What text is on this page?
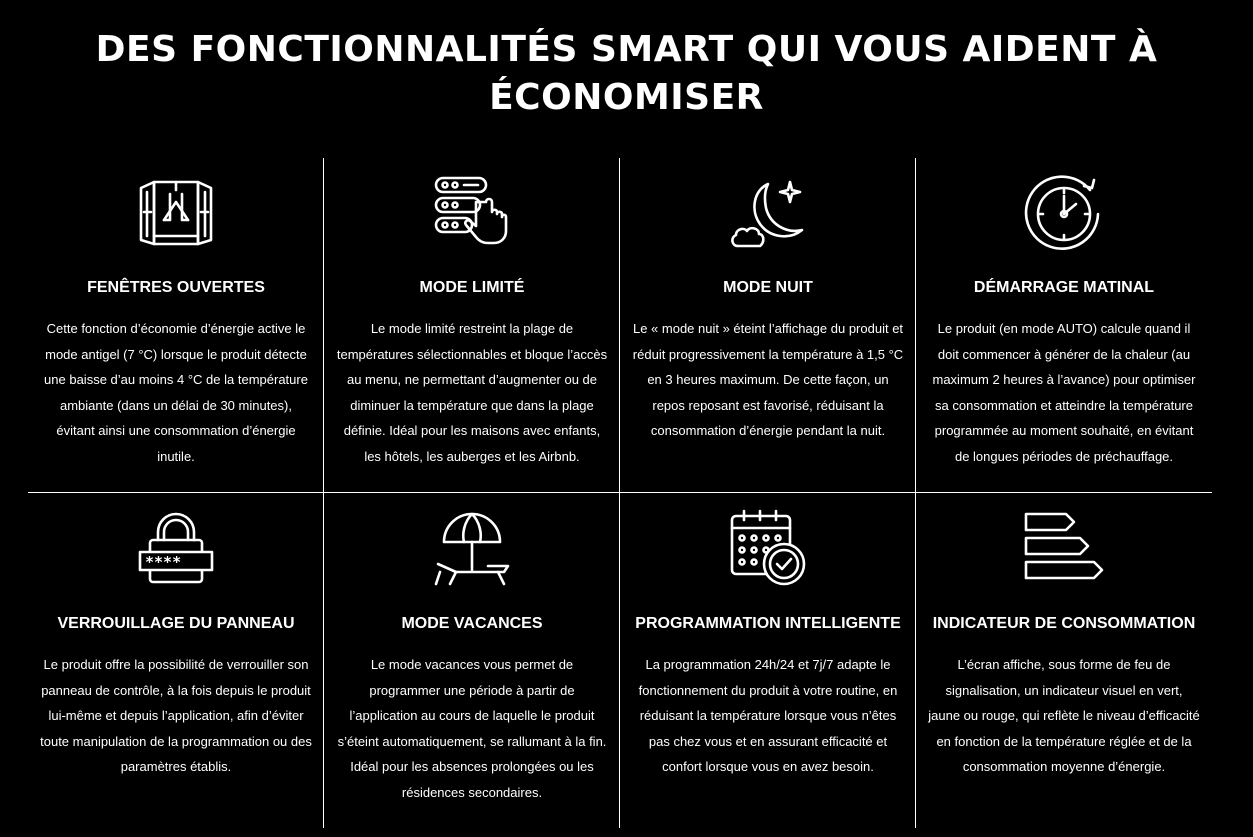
DES FONCTIONNALITÉS SMART QUI VOUS AIDENT À
ÉCONOMISER
FENÊTRES OUVERTES

Cette fonction d’économie d’énergie active le mode antigel (7 °C) lorsque le produit détecte une baisse d’au moins 4 °C de la température ambiante (dans un délai de 30 minutes), évitant ainsi une consommation d’énergie inutile.

MODE LIMITÉ

Le mode limité restreint la plage de températures sélectionnables et bloque l’accès au menu, ne permettant d’augmenter ou de diminuer la température que dans la plage définie. Idéal pour les maisons avec enfants, les hôtels, les auberges et les Airbnb.

MODE NUIT

Le « mode nuit » éteint l’affichage du produit et réduit progressivement la température à 1,5 °C en 3 heures maximum. De cette façon, un repos reposant est favorisé, réduisant la consommation d’énergie pendant la nuit.

DÉMARRAGE MATINAL

Le produit (en mode AUTO) calcule quand il doit commencer à générer de la chaleur (au maximum 2 heures à l’avance) pour optimiser sa consommation et atteindre la température programmée au moment souhaité, en évitant de longues périodes de préchauffage.

****_
VERROUILLAGE DU PANNEAU

Le produit offre la possibilité de verrouiller son panneau de contrôle, à la fois depuis le produit lui-même et depuis l’application, afin d’éviter toute manipulation de la programmation ou des paramètres établis.

MODE VACANCES

Le mode vacances vous permet de programmer une période à partir de l’application au cours de laquelle le produit s’éteint automatiquement, se rallumant à la fin. Idéal pour les absences prolongées ou les résidences secondaires.

PROGRAMMATION INTELLIGENTE

La programmation 24h/24 et 7j/7 adapte le fonctionnement du produit à votre routine, en réduisant la température lorsque vous n’êtes pas chez vous et en assurant efficacité et confort lorsque vous en avez besoin.

INDICATEUR DE CONSOMMATION

L’écran affiche, sous forme de feu de signalisation, un indicateur visuel en vert, jaune ou rouge, qui reflète le niveau d’efficacité en fonction de la température réglée et de la consommation moyenne d’énergie.
